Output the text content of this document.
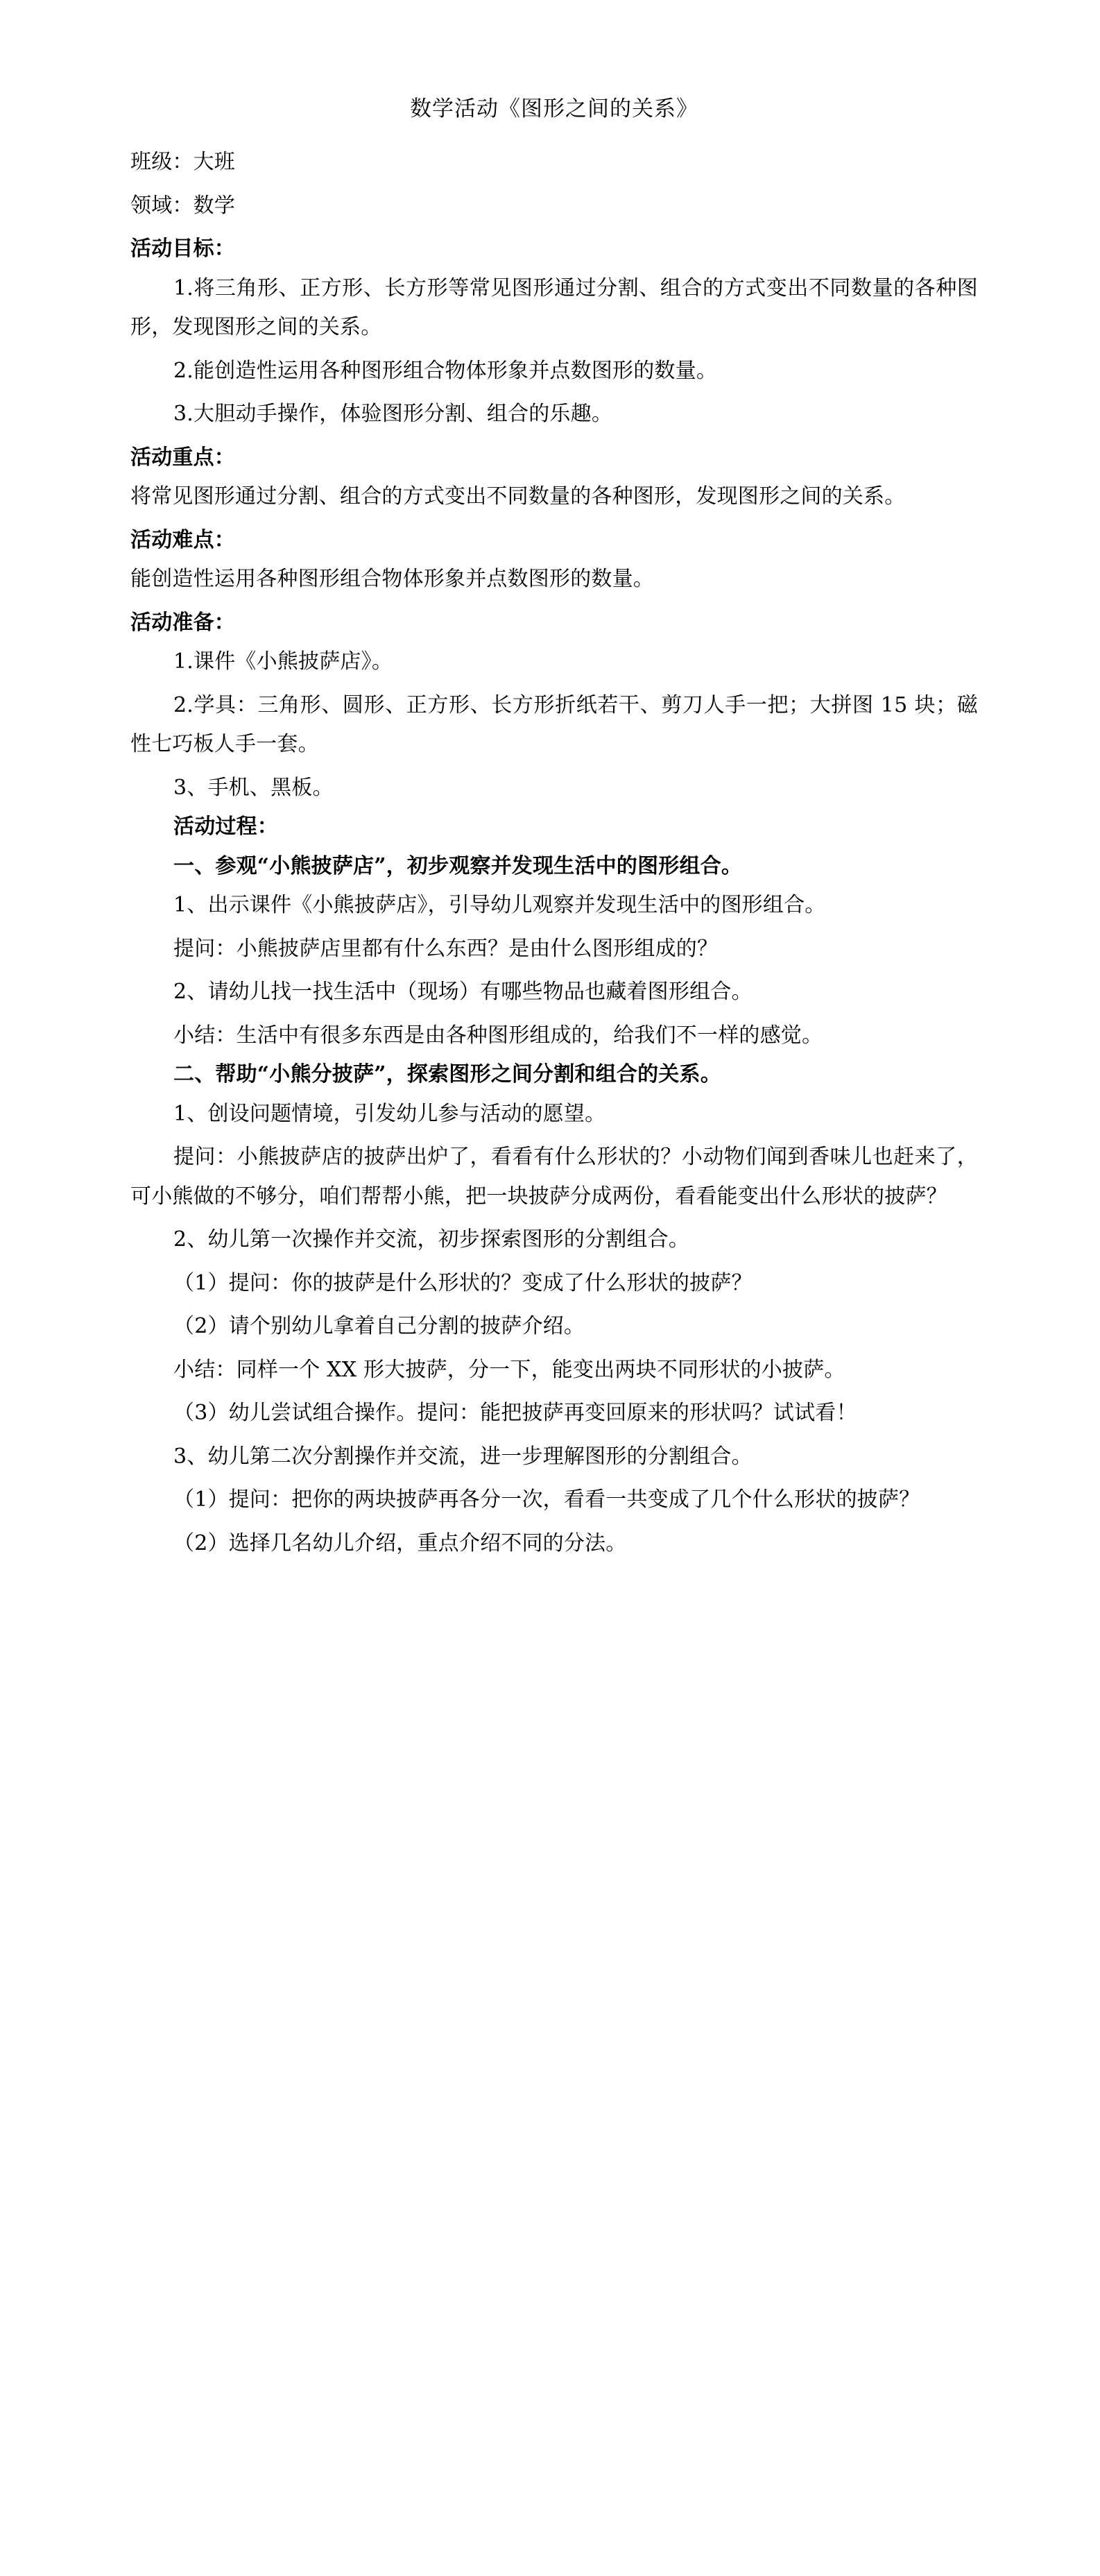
数学活动《图形之间的关系》

班级：大班

领域：数学

活动目标：

1.将三角形、正方形、长方形等常见图形通过分割、组合的方式变出不同数量的各种图形，发现图形之间的关系。

2.能创造性运用各种图形组合物体形象并点数图形的数量。

3.大胆动手操作，体验图形分割、组合的乐趣。

活动重点：

将常见图形通过分割、组合的方式变出不同数量的各种图形，发现图形之间的关系。

活动难点：

能创造性运用各种图形组合物体形象并点数图形的数量。

活动准备：

1.课件《小熊披萨店》。

2.学具：三角形、圆形、正方形、长方形折纸若干、剪刀人手一把；大拼图 15 块；磁性七巧板人手一套。

3、手机、黑板。

活动过程：

一、参观“小熊披萨店”，初步观察并发现生活中的图形组合。

1、出示课件《小熊披萨店》，引导幼儿观察并发现生活中的图形组合。

提问：小熊披萨店里都有什么东西？是由什么图形组成的？

2、请幼儿找一找生活中（现场）有哪些物品也藏着图形组合。

小结：生活中有很多东西是由各种图形组成的，给我们不一样的感觉。

二、帮助“小熊分披萨”，探索图形之间分割和组合的关系。

1、创设问题情境，引发幼儿参与活动的愿望。

提问：小熊披萨店的披萨出炉了，看看有什么形状的？小动物们闻到香味儿也赶来了，可小熊做的不够分，咱们帮帮小熊，把一块披萨分成两份，看看能变出什么形状的披萨？

2、幼儿第一次操作并交流，初步探索图形的分割组合。

（1）提问：你的披萨是什么形状的？变成了什么形状的披萨？

（2）请个别幼儿拿着自己分割的披萨介绍。

小结：同样一个 XX 形大披萨，分一下，能变出两块不同形状的小披萨。

（3）幼儿尝试组合操作。提问：能把披萨再变回原来的形状吗？试试看！

3、幼儿第二次分割操作并交流，进一步理解图形的分割组合。

（1）提问：把你的两块披萨再各分一次，看看一共变成了几个什么形状的披萨？

（2）选择几名幼儿介绍，重点介绍不同的分法。
